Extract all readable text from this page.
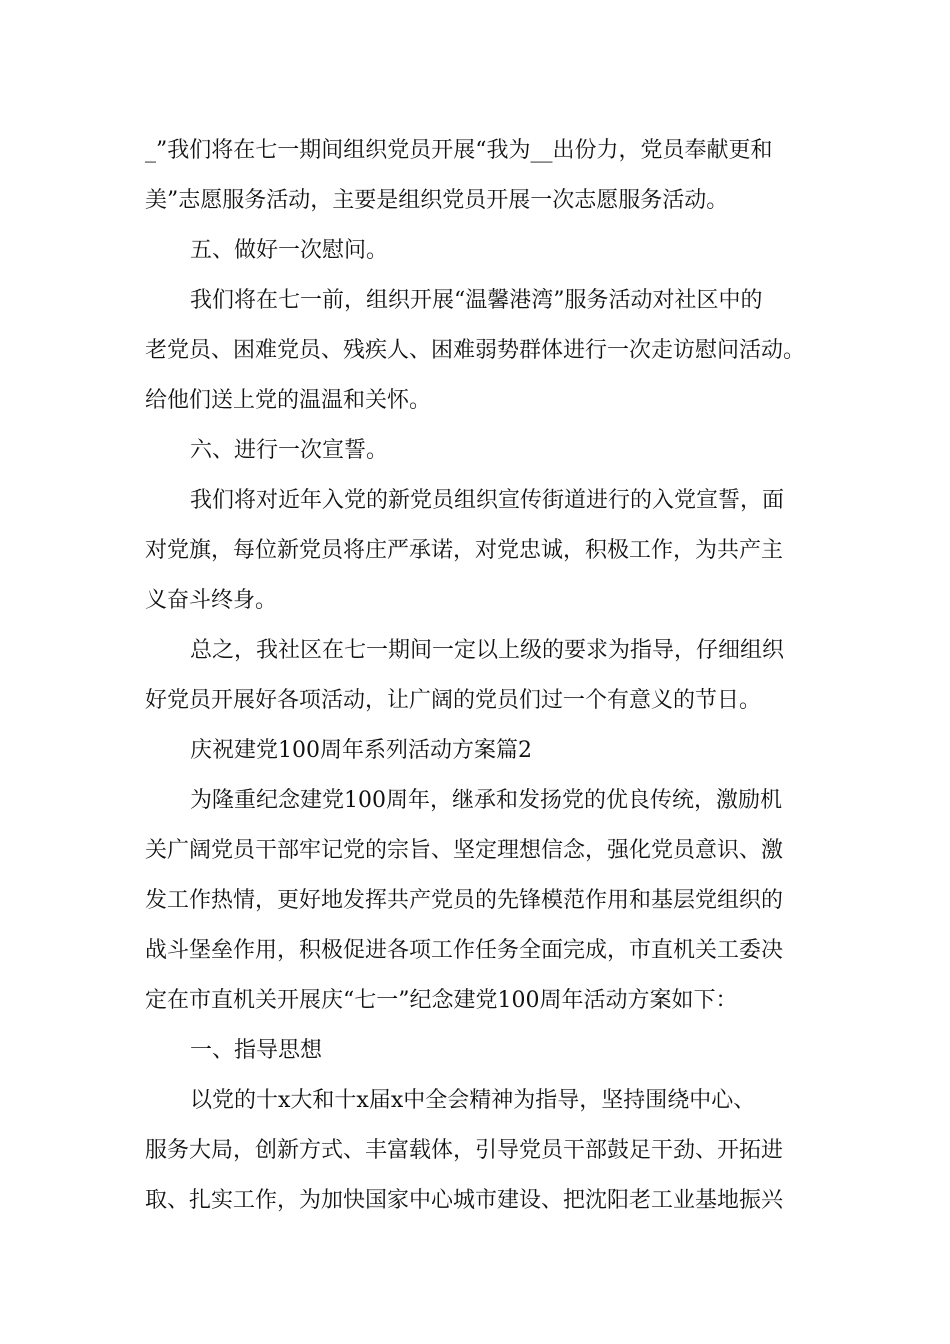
_”我们将在七一期间组织党员开展“我为__出份力，党员奉献更和
美”志愿服务活动，主要是组织党员开展一次志愿服务活动。
五、做好一次慰问。
我们将在七一前，组织开展“温馨港湾”服务活动对社区中的
老党员、困难党员、残疾人、困难弱势群体进行一次走访慰问活动。
给他们送上党的温温和关怀。
六、进行一次宣誓。
我们将对近年入党的新党员组织宣传街道进行的入党宣誓，面
对党旗，每位新党员将庄严承诺，对党忠诚，积极工作，为共产主
义奋斗终身。
总之，我社区在七一期间一定以上级的要求为指导，仔细组织
好党员开展好各项活动，让广阔的党员们过一个有意义的节日。
庆祝建党100周年系列活动方案篇2
为隆重纪念建党100周年，继承和发扬党的优良传统，激励机
关广阔党员干部牢记党的宗旨、坚定理想信念，强化党员意识、激
发工作热情，更好地发挥共产党员的先锋模范作用和基层党组织的
战斗堡垒作用，积极促进各项工作任务全面完成，市直机关工委决
定在市直机关开展庆“七一”纪念建党100周年活动方案如下：
一、指导思想
以党的十x大和十x届x中全会精神为指导，坚持围绕中心、
服务大局，创新方式、丰富载体，引导党员干部鼓足干劲、开拓进
取、扎实工作，为加快国家中心城市建设、把沈阳老工业基地振兴
